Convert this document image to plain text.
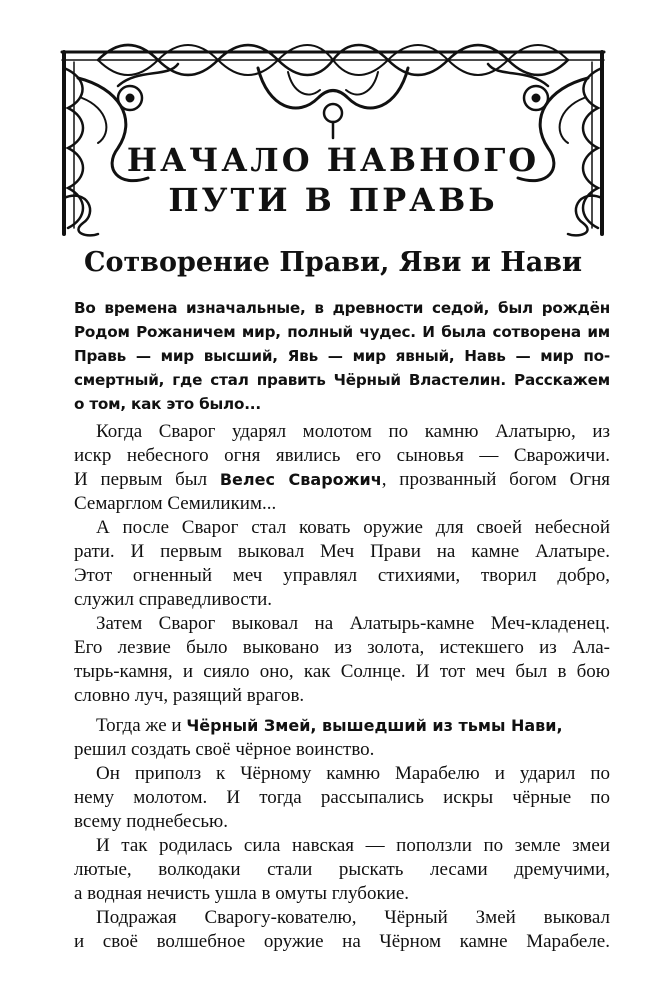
НАЧАЛО НАВНОГО
ПУТИ В ПРАВЬ
Сотворение Прави, Яви и Нави
Во времена изначальные, в древности седой, был рождён
Родом Рожаничем мир, полный чудес. И была сотворена им
Правь — мир высший, Явь — мир явный, Навь — мир по-
смертный, где стал править Чёрный Властелин. Расскажем
о том, как это было...
Когда Сварог ударял молотом по камню Алатырю, из
искр небесного огня явились его сыновья — Сварожичи.
И первым был Велес Сварожич, прозванный богом Огня
Семарглом Семиликим...
А после Сварог стал ковать оружие для своей небесной
рати. И первым выковал Меч Прави на камне Алатыре.
Этот огненный меч управлял стихиями, творил добро,
служил справедливости.
Затем Сварог выковал на Алатырь-камне Меч-кладенец.
Его лезвие было выковано из золота, истекшего из Ала-
тырь-камня, и сияло оно, как Солнце. И тот меч был в бою
словно луч, разящий врагов.
Тогда же и Чёрный Змей, вышедший из тьмы Нави,
решил создать своё чёрное воинство.
Он приполз к Чёрному камню Марабелю и ударил по
нему молотом. И тогда рассыпались искры чёрные по
всему поднебесью.
И так родилась сила навская — поползли по земле змеи
лютые, волкодаки стали рыскать лесами дремучими,
а водная нечисть ушла в омуты глубокие.
Подражая Сварогу-кователю, Чёрный Змей выковал
и своё волшебное оружие на Чёрном камне Марабеле.
